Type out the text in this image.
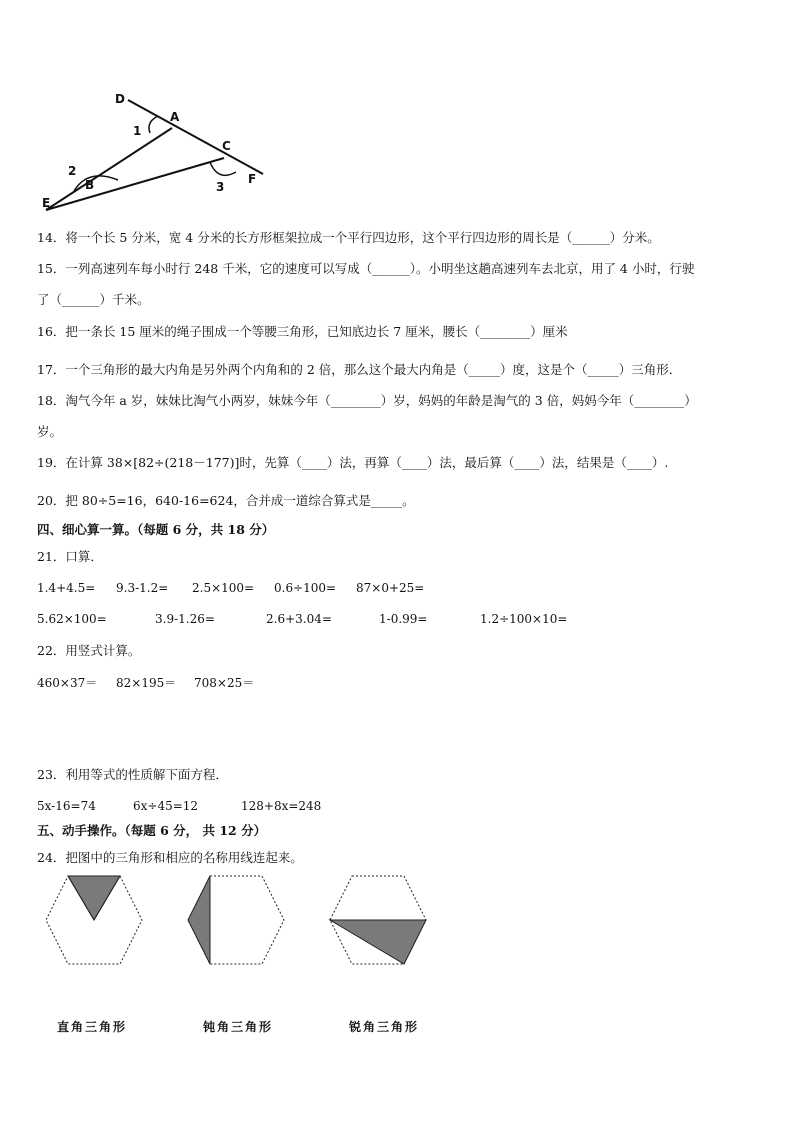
D
A
1
C
2
B	3
F
E
14．将一个长 5 分米，宽 4 分米的长方形框架拉成一个平行四边形，这个平行四边形的周长是（______）分米。
15．一列高速列车每小时行 248 千米，它的速度可以写成（______）。小明坐这趟高速列车去北京，用了 4 小时，行驶
了（______）千米。
16．把一条长 15 厘米的绳子围成一个等腰三角形，已知底边长 7 厘米，腰长（________）厘米
17．一个三角形的最大内角是另外两个内角和的 2 倍，那么这个最大内角是（_____）度，这是个（_____）三角形．
18．淘气今年 a 岁，妹妹比淘气小两岁，妹妹今年（________）岁，妈妈的年龄是淘气的 3 倍，妈妈今年（________）
岁。
19．在计算 38×[82÷(218－177)]时，先算（____）法，再算（____）法，最后算（____）法，结果是（____）.
20．把 80÷5=16，640-16=624，合并成一道综合算式是_____。
四、细心算一算。（每题 6 分，共 18 分）
21．口算．
1.4+4.5= 9.3-1.2= 2.5×100= 0.6÷100= 87×0+25=
5.62×100=	3.9-1.26=	2.6+3.04=	1-0.99=	1.2÷100×10=
22．用竖式计算。
460×37＝ 82×195＝ 708×25＝
23．利用等式的性质解下面方程．
5x-16=74	6x÷45=12	128+8x=248
五、动手操作。（每题 6 分， 共 12 分）
24．把图中的三角形和相应的名称用线连起来。
直角三角形	钝角三角形	锐角三角形
